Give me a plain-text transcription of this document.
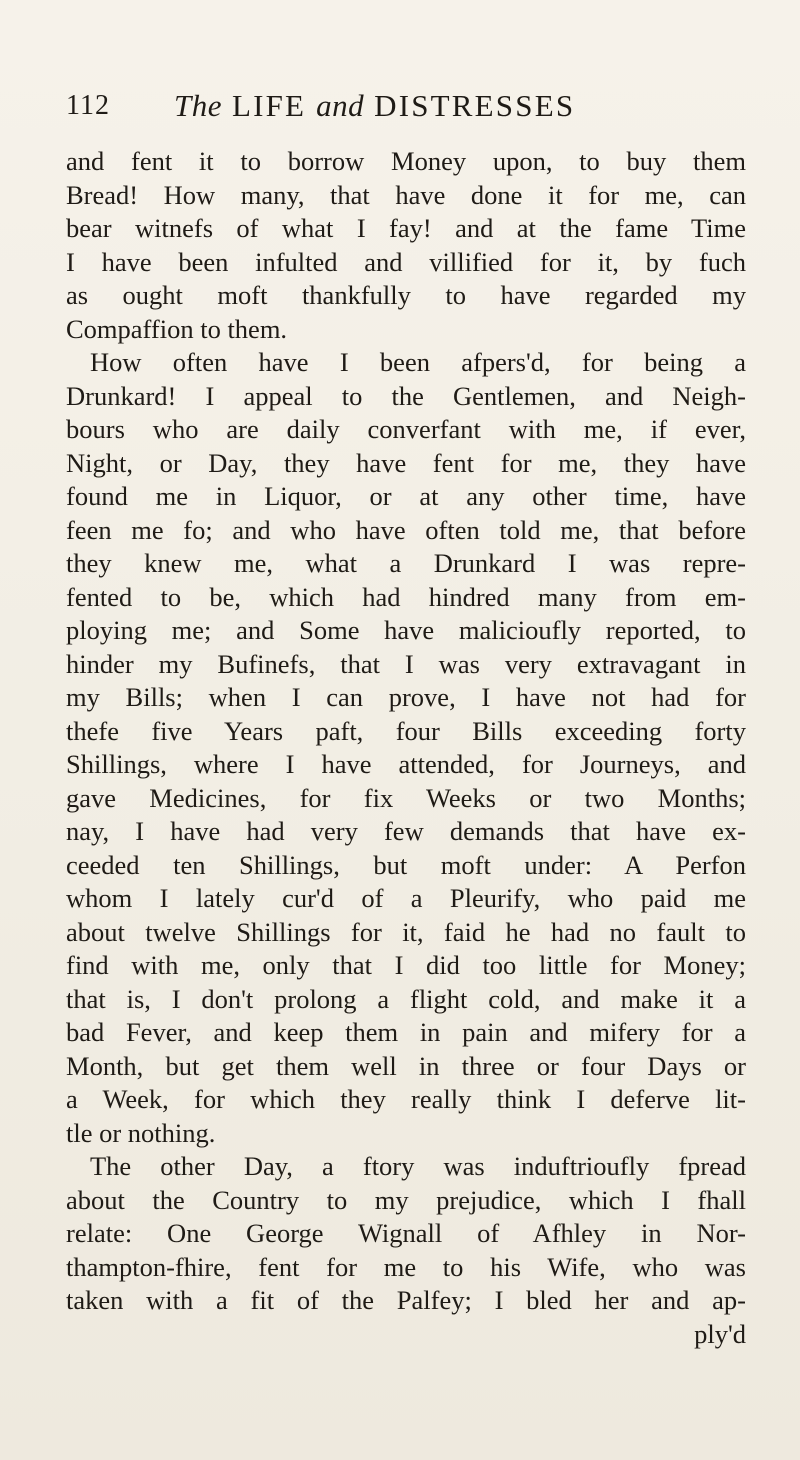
112 The LIFE and DISTRESSES
and fent it to borrow Money upon, to buy them
Bread! How many, that have done it for me, can
bear witnefs of what I fay! and at the fame Time
I have been infulted and villified for it, by fuch
as ought moft thankfully to have regarded my
Compaffion to them.
How often have I been afpers'd, for being a
Drunkard! I appeal to the Gentlemen, and Neigh-
bours who are daily converfant with me, if ever,
Night, or Day, they have fent for me, they have
found me in Liquor, or at any other time, have
feen me fo; and who have often told me, that before
they knew me, what a Drunkard I was repre-
fented to be, which had hindred many from em-
ploying me; and Some have malicioufly reported, to
hinder my Bufinefs, that I was very extravagant in
my Bills; when I can prove, I have not had for
thefe five Years paft, four Bills exceeding forty
Shillings, where I have attended, for Journeys, and
gave Medicines, for fix Weeks or two Months;
nay, I have had very few demands that have ex-
ceeded ten Shillings, but moft under: A Perfon
whom I lately cur'd of a Pleurify, who paid me
about twelve Shillings for it, faid he had no fault to
find with me, only that I did too little for Money;
that is, I don't prolong a flight cold, and make it a
bad Fever, and keep them in pain and mifery for a
Month, but get them well in three or four Days or
a Week, for which they really think I deferve lit-
tle or nothing.
The other Day, a ftory was induftrioufly fpread
about the Country to my prejudice, which I fhall
relate: One George Wignall of Afhley in Nor-
thampton-fhire, fent for me to his Wife, who was
taken with a fit of the Palfey; I bled her and ap-
ply'd
